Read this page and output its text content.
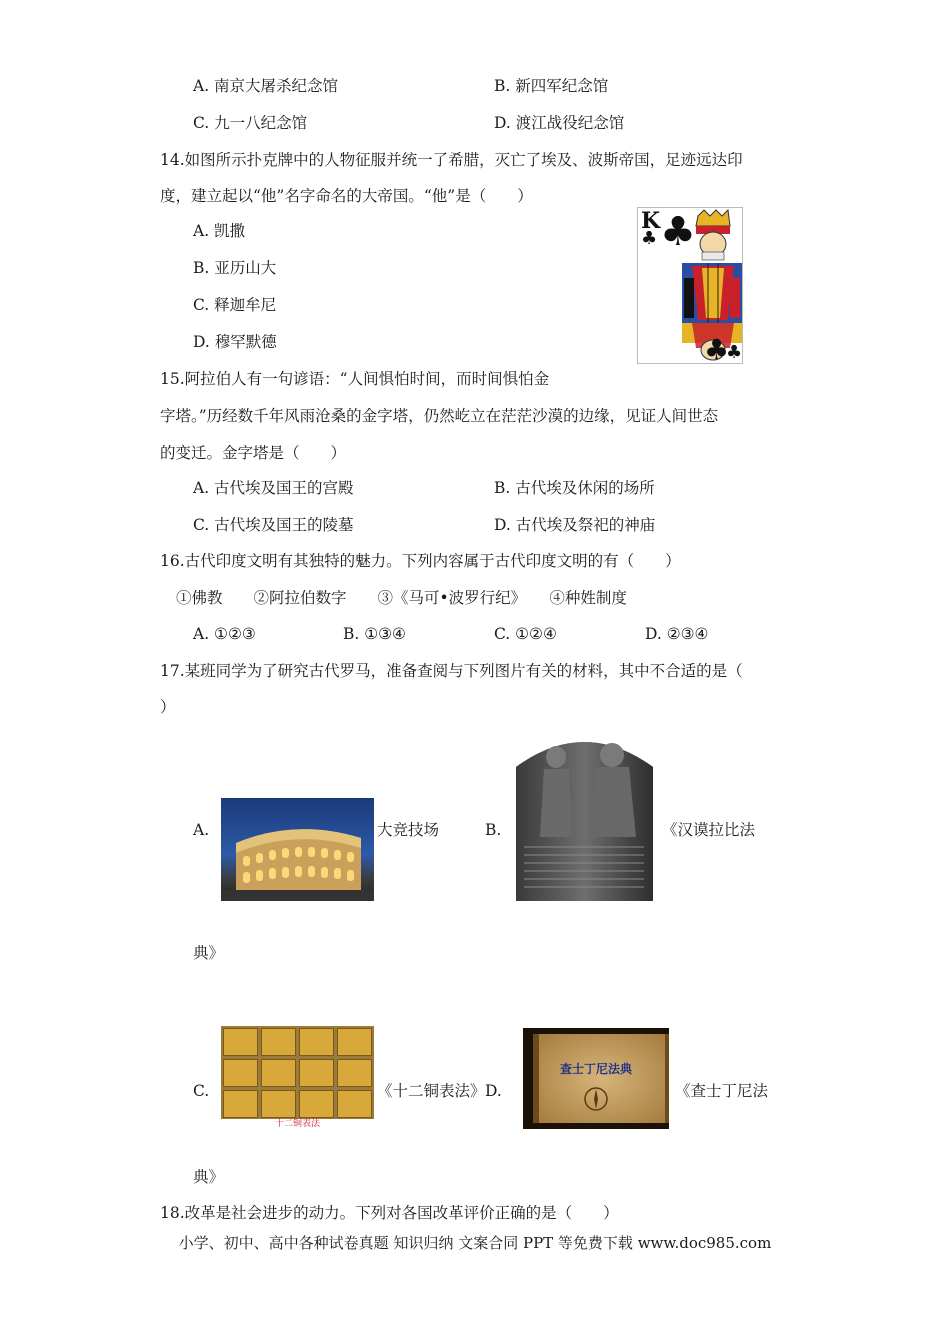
A. 南京大屠杀纪念馆	B. 新四军纪念馆
C. 九一八纪念馆	D. 渡江战役纪念馆
14.如图所示扑克牌中的人物征服并统一了希腊，灭亡了埃及、波斯帝国，足迹远达印
度，建立起以“他”名字命名的大帝国。“他”是（　　）
A. 凯撒
B. 亚历山大
C. 释迦牟尼
D. 穆罕默德
K
♣ ♣
♣
♣
15.阿拉伯人有一句谚语：“人间惧怕时间，而时间惧怕金
字塔。”历经数千年风雨沧桑的金字塔，仍然屹立在茫茫沙漠的边缘，见证人间世态
的变迁。金字塔是（　　）
A. 古代埃及国王的宫殿	B. 古代埃及休闲的场所
C. 古代埃及国王的陵墓	D. 古代埃及祭祀的神庙
16.古代印度文明有其独特的魅力。下列内容属于古代印度文明的有（　　）
①佛教　　②阿拉伯数字　　③《马可•波罗行纪》　　④种姓制度
A. ①②③	B. ①③④	C. ①②④	D. ②③④
17.某班同学为了研究古代罗马，准备查阅与下列图片有关的材料，其中不合适的是（
）
A.	大竞技场	B.	《汉谟拉比法
典》
C.
十二铜表法
《十二铜表法》 D.
查士丁尼法典
《查士丁尼法
典》
18.改革是社会进步的动力。下列对各国改革评价正确的是（　　）
小学、初中、高中各种试卷真题 知识归纳 文案合同 PPT 等免费下载 www.doc985.com
